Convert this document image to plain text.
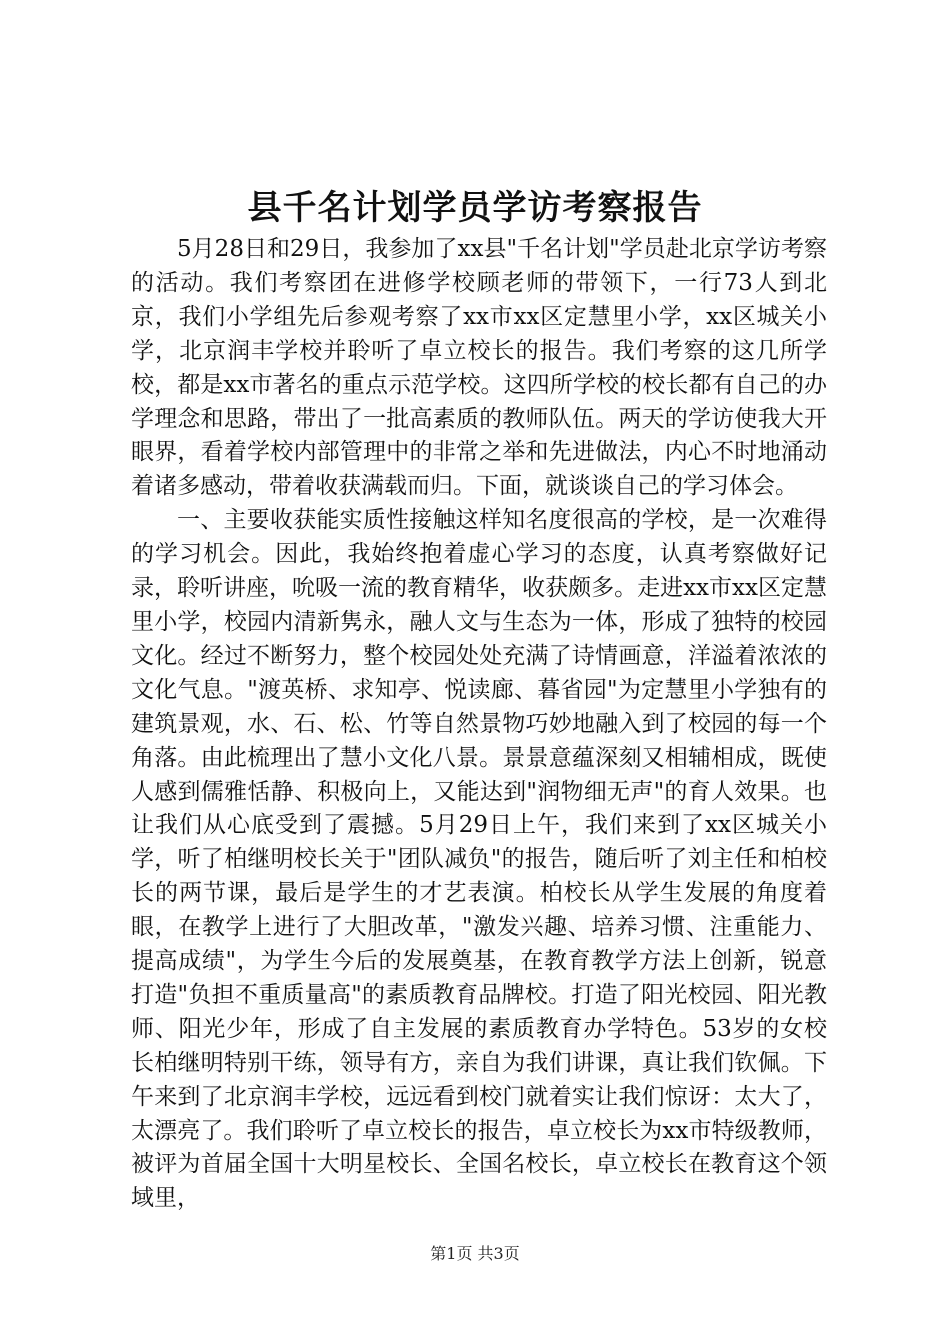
县千名计划学员学访考察报告

5月28日和29日，我参加了xx县"千名计划"学员赴北京学访考察的活动。我们考察团在进修学校顾老师的带领下，一行73人到北京，我们小学组先后参观考察了xx市xx区定慧里小学，xx区城关小学，北京润丰学校并聆听了卓立校长的报告。我们考察的这几所学校，都是xx市著名的重点示范学校。这四所学校的校长都有自己的办学理念和思路，带出了一批高素质的教师队伍。两天的学访使我大开眼界，看着学校内部管理中的非常之举和先进做法，内心不时地涌动着诸多感动，带着收获满载而归。下面，就谈谈自己的学习体会。

一、主要收获能实质性接触这样知名度很高的学校，是一次难得的学习机会。因此，我始终抱着虚心学习的态度，认真考察做好记录，聆听讲座，吮吸一流的教育精华，收获颇多。走进xx市xx区定慧里小学，校园内清新隽永，融人文与生态为一体，形成了独特的校园文化。经过不断努力，整个校园处处充满了诗情画意，洋溢着浓浓的文化气息。"渡英桥、求知亭、悦读廊、暮省园"为定慧里小学独有的建筑景观，水、石、松、竹等自然景物巧妙地融入到了校园的每一个角落。由此梳理出了慧小文化八景。景景意蕴深刻又相辅相成，既使人感到儒雅恬静、积极向上，又能达到"润物细无声"的育人效果。也让我们从心底受到了震撼。5月29日上午，我们来到了xx区城关小学，听了柏继明校长关于"团队减负"的报告，随后听了刘主任和柏校长的两节课，最后是学生的才艺表演。柏校长从学生发展的角度着眼，在教学上进行了大胆改革，"激发兴趣、培养习惯、注重能力、提高成绩"，为学生今后的发展奠基，在教育教学方法上创新，锐意打造"负担不重质量高"的素质教育品牌校。打造了阳光校园、阳光教师、阳光少年，形成了自主发展的素质教育办学特色。53岁的女校长柏继明特别干练，领导有方，亲自为我们讲课，真让我们钦佩。下午来到了北京润丰学校，远远看到校门就着实让我们惊讶：太大了，太漂亮了。我们聆听了卓立校长的报告，卓立校长为xx市特级教师，被评为首届全国十大明星校长、全国名校长，卓立校长在教育这个领域里，

第1页 共3页
